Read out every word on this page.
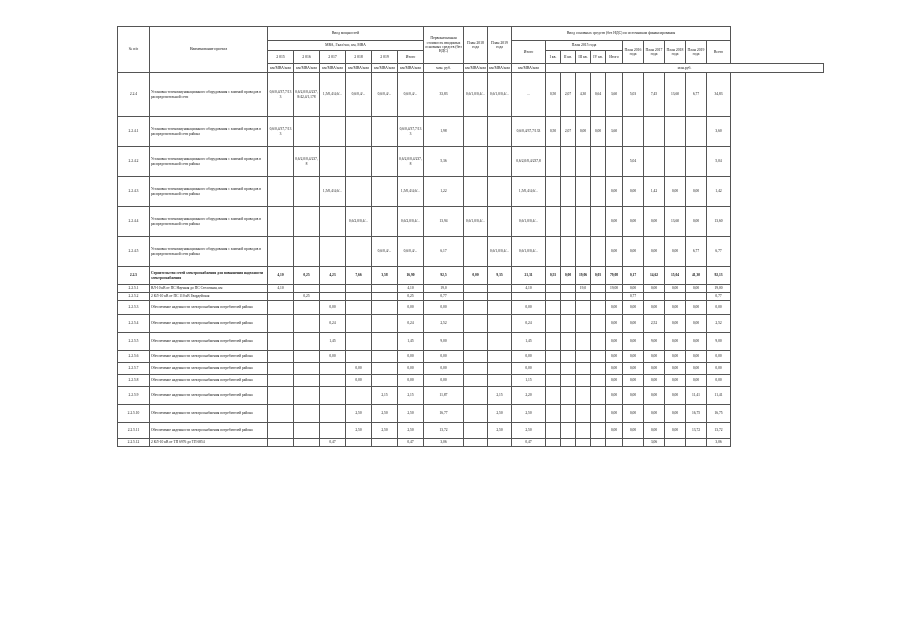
№ п/п	Наименование проекта	Ввод мощностей						Первоначальная стоимость вводимых основных средств (без НДС)	План 2018 года	План 2019 года	Ввод основных средств (без НДС) по источникам финансирования										
		МВА, Гкал/час, км, МВА									Итого	План 2015 года					План 2016 года	План 2017 года	План 2018 года	План 2019 года	Всего
		2 015	2 016	2 017	2 018	2 019	Итого					I кв.	II кв.	III кв.	IV кв.	Итого					
		км/МВА/ком	км/МВА/ком	км/МВА/ком	км/МВА/ком	км/МВА/ком	км/МВА/ком	млн. руб.	км/МВА/ком	км/МВА/ком	км/МВА/ком	млн.руб.									
2.2.4	Установка телекоммуникационного оборудования с заменой проводов в распределительной сети	0,6/0,4/37,7/133	0,6/2,0/0,4/237,8/42,4/1,178	1,5/0,4/4,6/...	0,6/0,4/...	0,6/0,4/...	0,6/0,4/...	33,83	0,6/1,0/0,4/...	0,6/1,0/0,4/...	...	0,50	2,07	4,30	0,64	3,60	5,03	7,45	13,60	6,77	34,83
2.2.4.1	Установка телекоммуникационного оборудования с заменой проводов в распределительной сети района	0,6/0,4/37,7/133					0,6/0,4/37,7/133	1,98			0,6/0,4/37,7/133	0,50	2,07	0,00	0,00	3,60					3,60
2.2.4.2	Установка телекоммуникационного оборудования с заменой проводов в распределительной сети района		0,6/2,0/0,4/237,8				0,6/2,0/0,4/237,8	5,36			0,6/2,0/0,4/237,8						5,04				5,04
2.2.4.3	Установка телекоммуникационного оборудования с заменой проводов в распределительной сети района			1,5/0,4/4,6/...			1,5/0,4/4,6/...	1,22			1,5/0,4/4,6/...					0,00	0,00	1,42	0,00	0,00	1,42
2.2.4.4	Установка телекоммуникационного оборудования с заменой проводов в распределительной сети района				0,6/2,0/0,4/...		0,6/2,0/0,4/...	13,94	0,6/1,0/0,4/...		0,6/1,0/0,4/...					0,00	0,00	0,00	13,60	0,00	13,60
2.2.4.5	Установка телекоммуникационного оборудования с заменой проводов в распределительной сети района					0,6/0,4/...	0,6/0,4/...	6,17		0,6/1,0/0,4/...	0,6/1,0/0,4/...					0,00	0,00	0,00	0,00	6,77	6,77
2.2.5	Строительство сетей электроснабжения для повышения надежности электроснабжения	4,10	0,25	4,23	7,66	3,58	16,90	92,5	0,00	9,35	21,31	0,55	0,00	19,06	0,05	79,08	0,17	14,62	15,04	41,30	92,13
2.2.5.1	ВЛ-10 кВ от ПС Научная до ПС Стелочная, км	4,10					4,10	19,0			4,10			19,0		19,00	0,00	0,00	0,00	0,00	19,00
2.2.5.2	2 КЛ-10 кВ от ПС 110 кВ Гвардейская		0,25				0,25	0,77									0,77				0,77
2.2.5.3	Обеспечение надежности электроснабжения потребителей района			0,00			0,00	0,00			0,00					0,00	0,00	0,00	0,00	0,00	0,00
2.2.5.4	Обеспечение надежности электроснабжения потребителей района			0,24			0,24	2,52			0,24					0,00	0,00	2,52	0,00	0,00	2,52
2.2.5.5	Обеспечение надежности электроснабжения потребителей района			1,45			1,45	9,00			1,45					0,00	0,00	9,00	0,00	0,00	9,00
2.2.5.6	Обеспечение надежности электроснабжения потребителей района			0,00			0,00	0,00			0,00					0,00	0,00	0,00	0,00	0,00	0,00
2.2.5.7	Обеспечение надежности электроснабжения потребителей района				0,00		0,00	0,00			0,00					0,00	0,00	0,00	0,00	0,00	0,00
2.2.5.8	Обеспечение надежности электроснабжения потребителей района				0,00		0,00	0,00			1,15					0,00	0,00	0,00	0,00	0,00	0,00
2.2.5.9	Обеспечение надежности электроснабжения потребителей района					2,15	2,15	11,87		2,15	2,20					0,00	0,00	0,00	0,00	11,41	11,41
2.2.5.10	Обеспечение надежности электроснабжения потребителей района				2,50	2,50	2,50	16,77		2,50	2,50					0,00	0,00	0,00	0,00	16,75	16,75
2.2.5.11	Обеспечение надежности электроснабжения потребителей района				2,50	2,50	2,50	13,72		2,50	2,50					0,00	0,00	0,00	0,00	13,72	13,72
2.2.5.12	2 КЛ-10 кВ от ТП 6976 до ТП 6854			0,47			0,47	3,06			0,47							3,06			3,06
